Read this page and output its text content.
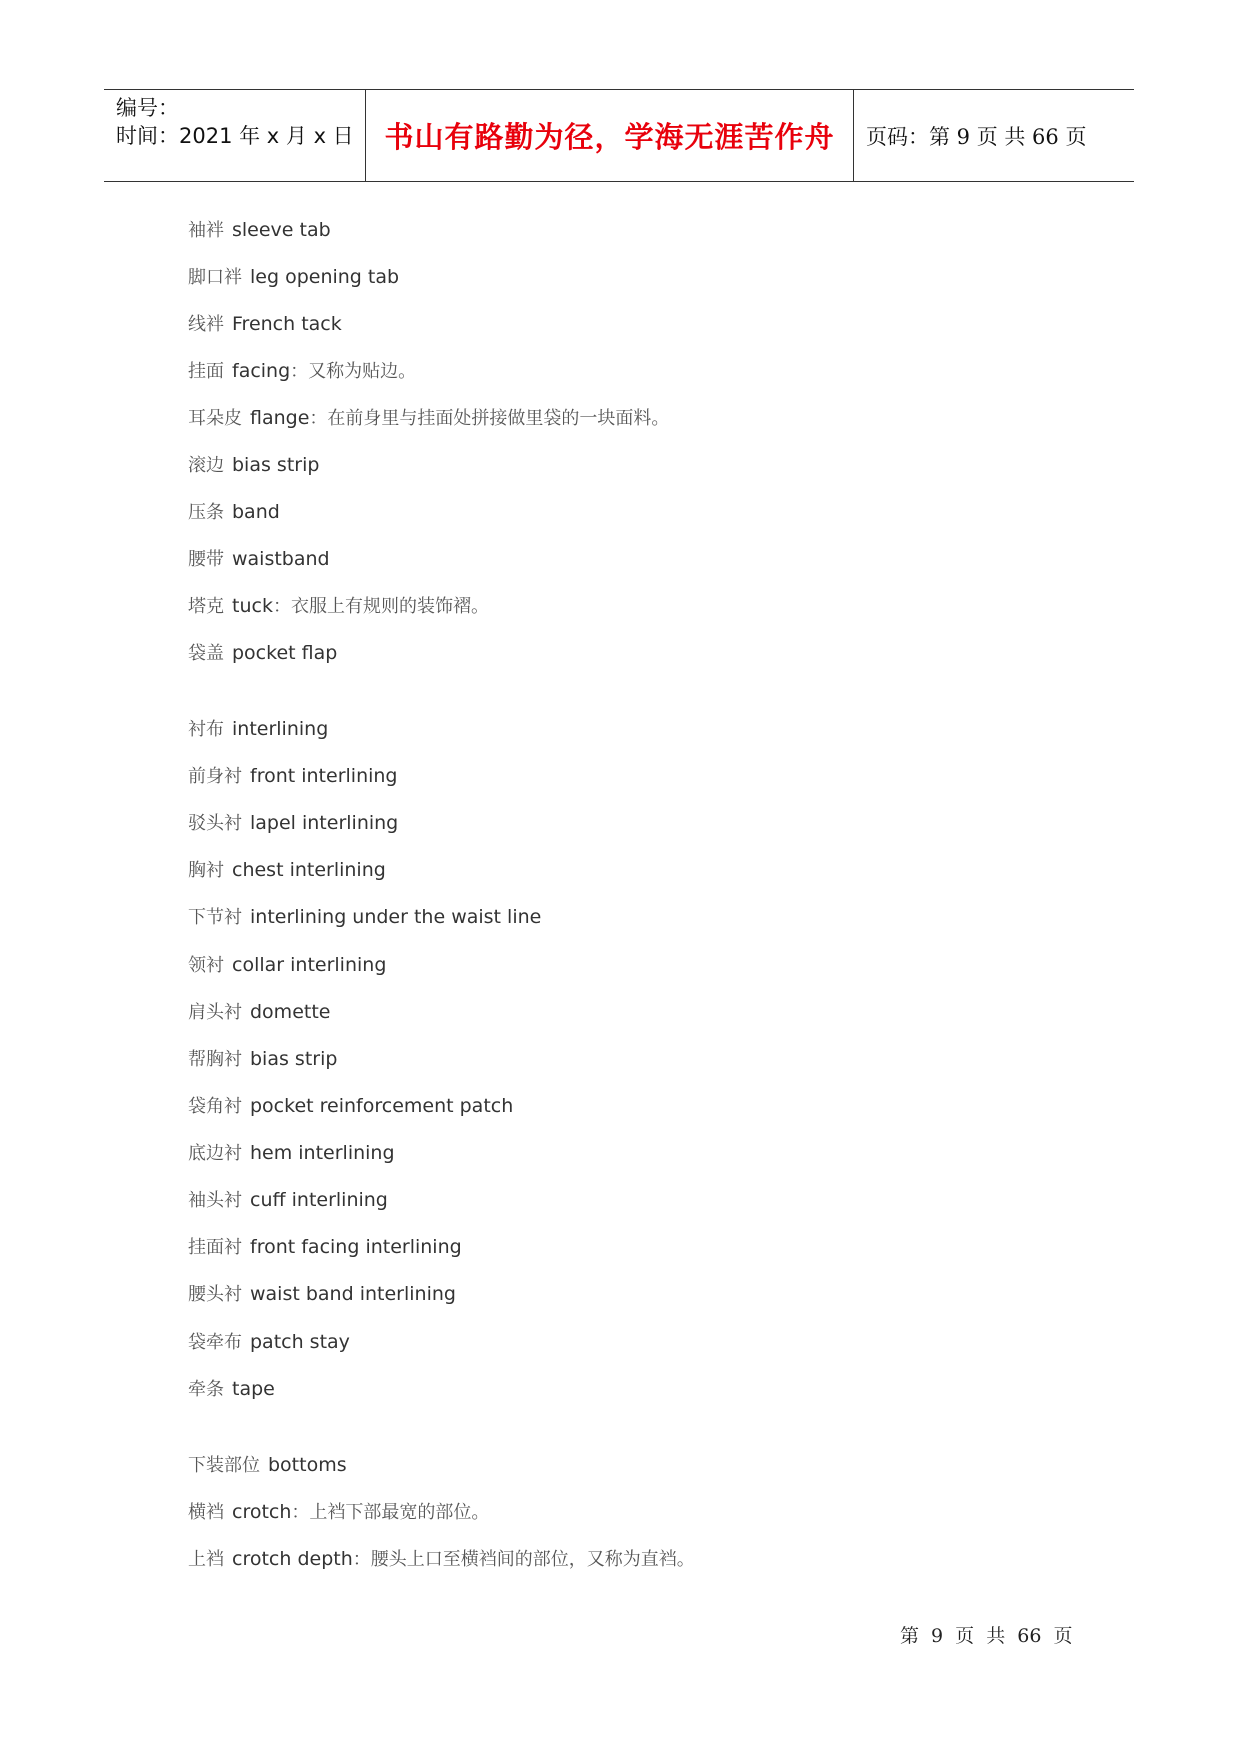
编号：
时间：2021 年 x 月 x 日	书山有路勤为径，学海无涯苦作舟	页码：第 9 页 共 66 页
袖袢 sleeve tab
脚口袢 leg opening tab
线袢 French tack
挂面 facing：又称为贴边。
耳朵皮 flange：在前身里与挂面处拼接做里袋的一块面料。
滚边 bias strip
压条 band
腰带 waistband
塔克 tuck：衣服上有规则的装饰褶。
袋盖 pocket flap
衬布 interlining
前身衬 front interlining
驳头衬 lapel interlining
胸衬 chest interlining
下节衬 interlining under the waist line
领衬 collar interlining
肩头衬 domette
帮胸衬 bias strip
袋角衬 pocket reinforcement patch
底边衬 hem interlining
袖头衬 cuff interlining
挂面衬 front facing interlining
腰头衬 waist band interlining
袋牵布 patch stay
牵条 tape
下装部位 bottoms
横裆 crotch：上裆下部最宽的部位。
上裆 crotch depth：腰头上口至横裆间的部位，又称为直裆。
第 9 页 共 66 页
